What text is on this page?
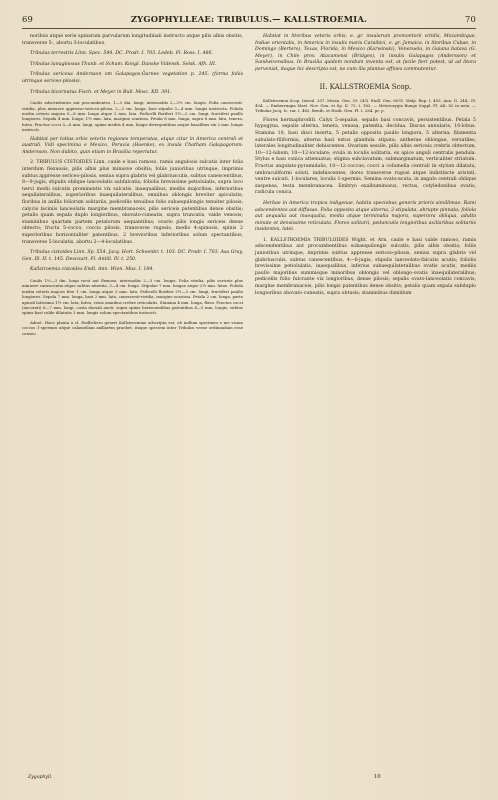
69	ZYGOPHYLLEAE: TRIBULUS.— KALLSTROEMIA.	70

noribus atque serie spinarum parvularum longitudinali instructo atque pilis albis obsitis, transverse 5-, abortu 3-loculatibus.

Tribulus terrestris Linn. Spec. 544. DC. Prodr. I. 703. Ledeb. Fl. Ross. I. 486.

Tribulus lanuginosus Thunb. et Schum. Kongl. Danske Vidensk. Selsk. Afh. III.

Tribulus sericeus Andersson om Galapagos-Öarnes vegetation p. 245. (forma foliis utrinque sericeo-pilosis).

Tribulus bicornutus Fisch. et Meyer in Bull. Mosc. XII. 391.

Caulis adscendentes aut procumbentes, 1—3 dm. longi, internodiis 2—2½ cm. longis. Folia canescenti-viridia, plus minusve appresso-sericeo-pilosa, 2—3 cm. longa, basi stipulis 3—4 mm. longis instructa. Foliola media ceteris majora 5—8 mm. longa atque 2 mm. lata. Pedicelli floriferi 1½—2 cm. longi, fructiferi paullo longiores. Sepala 4 mm. longa, 1½ mm. lata, margine scariosa. Petala 8 mm. longa, supra 6 mm. lata, tenera, lutea. Fructus cocci 5—6 mm. longi, spinis mediis 4 mm. longis divergentibus aeque basalibus vix 2 mm. longis instructi.

Habitat per totius orbis veteris regiones temperatas, atque citur in America centrali et australi. Vidi speciminа e Mexico, Peruvia (Haenke), ex insula Chatham Galapagorum: Andersson. Non dubito, quin etiam in Brasilia reperiatur.

2. TRIBULUS CISTOIDES Linn. caule e basi ramoso, ramis angulosis sulcatis inter folia interdum flexuosis, pilis albis plus minusve obsitis; foliis junioribus utrinque, imprimis subtus appresse sericeo-pilosis, senius supra glabris vel glabriusculis, subtus canescentibus, 8—9-jugis, stipulis oblique lanceolatis subfalcatis; foliolis brevissime petiolulatis, supra loco nervi medii sulcatis prominentis vix sulcatis, inaequalibus, mediis majoribus, inferioribus aequilateralibus, superioribus inaequilateralibus, omnibus oblongis breviter apiculatis; floribus in axillis foliorum solitariis, pedicellis tenuibus folio subaequilongis tenuiter pilosis; calycis laciniis lanceolatis margine membranaceis, pilis sericeis patentibus dense obsitis; petalis quam sepala duplo longioribus, obovato-cuneatis, supra truncatis, valde venosis; staminibus quartam partem petalorum aequantibus; ovario pilis longis sericeis dense obtecto; fructu 5-cocco, coccis pilosis, transverse rugosis, medio 4-spinosis, spinis 2 superioribus horizontaliter patentibus, 2 brevioribus inferioribus solum spectantibus, transverse 5-loculatis, abortu 2—4-loculatibus.

Tribulus cistoides Linn. Sp. 554. Jacq. Hort. Schoenbr. t. 103. DC. Prodr. I. 703. Asa Gray, Gen. Ill. II. t. 145. Descourt. Fl. Antill. IV. t. 250.

Kallstroemia cistoides Endl. Ann. Wien. Mus. I. 184.

Caulis 1½—3 dm. longi recti aut flexuosi, internodiis 2—3 cm. longis. Folia viridia, pilis sericeis plus minusve canescentia atque subtus nitentia, 3—4 cm. longa. Stipulae 7 mm. longae atque 2½ mm. latae. Foliola media ceteris majora fere 1 cm. longa atque 3 mm. lata. Pedicelli floriferi 2½—3 cm. longi, fructiferi paullo longiores. Sepala 7 mm. longa, basi 2 mm. lata, canescenti-viridia, margine scariosa. Petala 2 cm. longa, parte apicali latissima 1½ cm. lata, lutea, venis omnibus crebre reticulatis. Stamina 4 mm. longa, flava. Fructus cocci (ancorati) 6—7 mm. longi, costa dorsali aucti, supra spinis horizontalibus patentibus 4—5 mm. longis, subtus spinis basi valde dilatatis 3 mm. longis solum spectantibus instructi.

Adnot. Haec planta a cl. Endlichero generi Kallstroemiae adscripta est, ob nullum specimen e me visum coccos 1-spermos atque calamellam axillarem praebet, itaque speciem inter Tribulos verae ordinandam esse censeo.

Habitat in litoribus veteris orbis, e. gr. insularum promontorii viridis, Mozambique, Indiae orientalis, in America in insulis maris Caraibici, e. gr. Jamaica, in litoribus Cubae, in Domingo (Bertero), Texas, Florida, in Mexico (Karwinski), Venezuela, in Guiana batava (G. Meyer), in Chile prov. Atacamensi (Bridges), in insulis Galapagos (Andersson) et Sandwicensibus. In Brasilia quidem nondum inventa est, at facile fieri potest, ut ad litora perveniat, itaque hic descripta est, ne cum illa plantae affines commutentur.

II. KALLSTROEMIA Scop.

Kallstroemia Scop. Introd. 207. Meisn. Gen. 59. (43). Endl. Gen. 6051. Walp. Rep. I. 493. Ann. II. 244., IV. 404. — Emberringia Mart. Nov. Gen. et Sp. II. 72. t. 163. — Heterozygia Bunge Suppl. Fl. Alt. 82 in nota. — Tribulus Jacq. Ic. rar. t. 462. Benth. et Hook. Gen. Pl. I. 264. pr. p.

Flores hermaphroditi. Calyx 5-sepalus, sepalis basi concavis, persistentibus. Petala 5 hypogyna, sepalis alterna, tenera, venosa, patentia, decidua. Discus annularis, 10-lobus. Stamina 10, basi disci inserta, 5 petalis opposita paullo longiora, 5 alterna; filamenta subulato-filiformia, alterna basi extus glandula stipata; antherae oblongae, versatiles, laterales longitudinaliter dehiscentes. Ovarium sessile, pilis albis sericeis crebris obtectum, 10—12-lobum, 10—12-loculare; ovula in loculis solitaria, ex apice anguli centralis pendula. Stylus e basi conica attenuatus; stigma subclavatum, submarginatum, verticaliter striatum. Fructus angulato-pyramidalis, 10—12-coccus; cocci a columella centrali in stylum dilatata, umbraculiformi soluti, indehiscentes, dorso transverse rugosi atque indistincte aristati, ventre sulcati, 1-loculares, loculis 1-spermis. Semina ovato-acuta, in angulo centrali oblique suspensa, testa membranacea. Embryo exalbuminosus, rectus, cotyledonibus ovatis, radicula conica.

Herbae in America tropica indigenae, habitu speciebus generis prioris simillimae. Rami adscendentes aut diffusae. Folia opposita atque alterna, 2-stipulata, abrupte pinnata; foliola aut aequalia aut inaequalia, media atque terminalia majora, superiora obliqua, adulta minute et densissime reticulata. Flores solitarii, pedunculis longioribus axillaribus solitariis insidentes, lutei.

1. KALLSTROEMIA TRIBULOIDES Wight. et Arn. caule e basi valde ramoso, ramis adscendentibus aut procumbentibus subaequilongis sulcatis, pilis albis obsitis; foliis junioribus utrinque, imprimis subtus appresse sericeo-pilosis, senius supra glabris vel glabriusculis, subtus canescentibus, 4—6-jugis, stipulis lanceolato-falcatis acutis; foliolis brevissime petiolulatis, inaequalibus, inferius subaequilateralibus ovatis acutis, mediis paullo majoribus summisque minoribus oblongis vel oblongo-ovatis inaequilateralibus; pedicellis folio fulcrante vix longioribus, dense pilosis; sepalis ovato-lanceolatis concavis, margine membranaceis, pilis longis patentibus dense obsitis; petalis quam sepala subduplo longioribus obovato-cuneatis, supra obtusis; staminibus dimidium

Zygophyll.	10
